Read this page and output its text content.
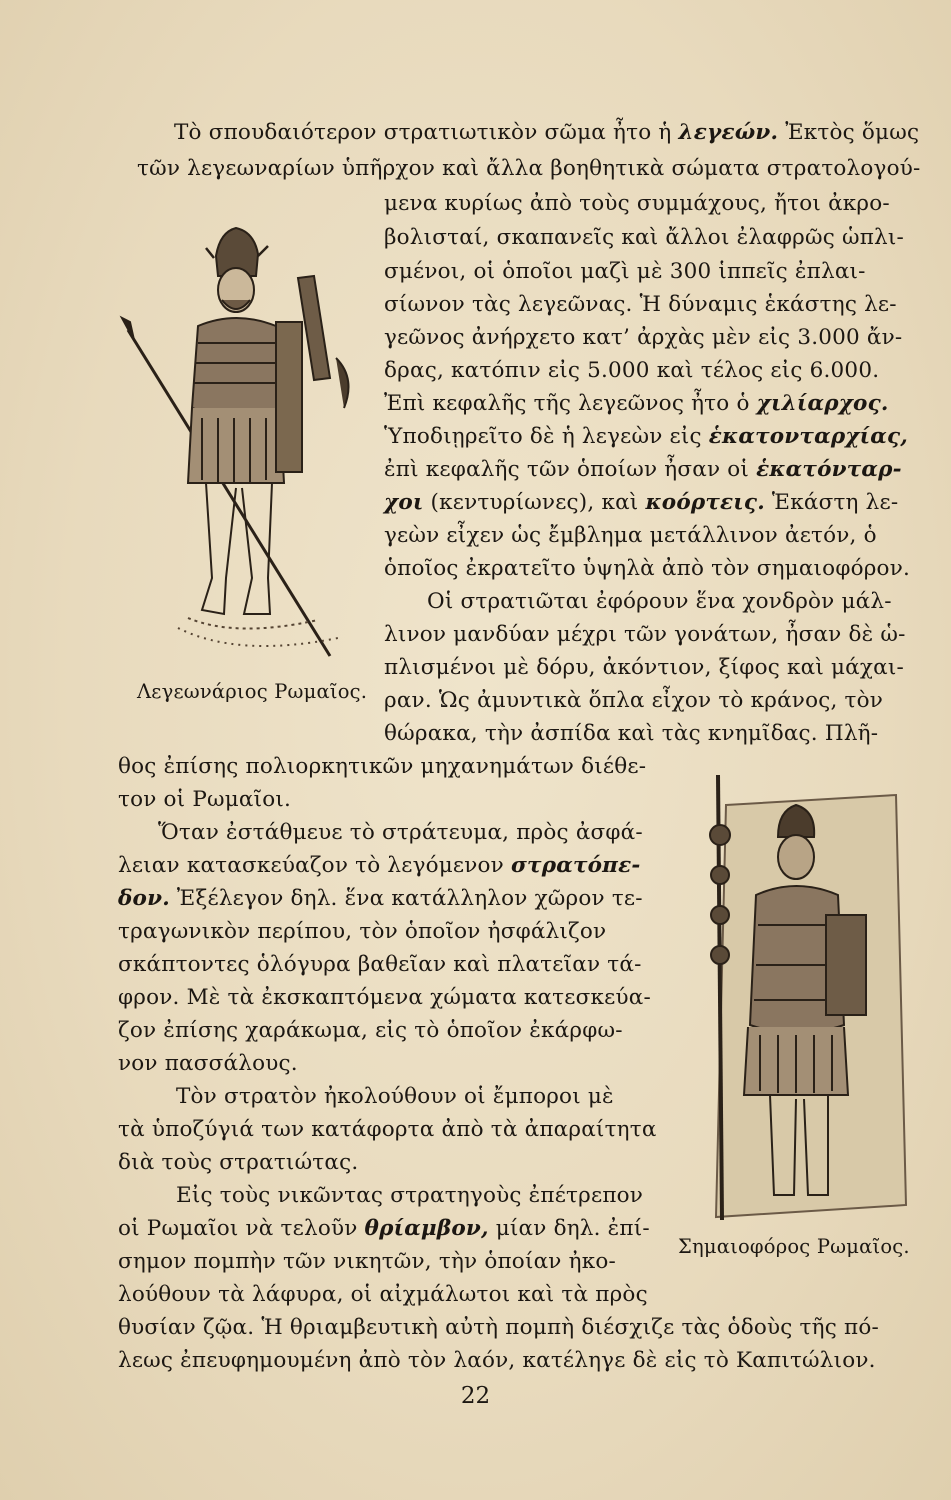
Τὸ σπουδαιότερον στρατιωτικὸν σῶμα ἦτο ἡ λεγεών. Ἐκτὸς ὅμως
τῶν λεγεωναρίων ὑπῆρχον καὶ ἄλλα βοηθητικὰ σώματα στρατολογού-
μενα κυρίως ἀπὸ τοὺς συμμάχους, ἤτοι ἀκρο-
βολισταί, σκαπανεῖς καὶ ἄλλοι ἐλαφρῶς ὡπλι-
σμένοι, οἱ ὁποῖοι μαζὶ μὲ 300 ἱππεῖς ἐπλαι-
σίωνον τὰς λεγεῶνας. Ἡ δύναμις ἑκάστης λε-
γεῶνος ἀνήρχετο κατ’ ἀρχὰς μὲν εἰς 3.000 ἄν-
δρας, κατόπιν εἰς 5.000 καὶ τέλος εἰς 6.000.
Ἐπὶ κεφαλῆς τῆς λεγεῶνος ἦτο ὁ χιλίαρχος.
Ὑποδιῃρεῖτο δὲ ἡ λεγεὼν εἰς ἑκατονταρχίας,
ἐπὶ κεφαλῆς τῶν ὁποίων ἦσαν οἱ ἑκατόνταρ-
χοι (κεντυρίωνες), καὶ κοόρτεις. Ἑκάστη λε-
γεὼν εἶχεν ὡς ἔμβλημα μετάλλινον ἀετόν, ὁ
ὁποῖος ἐκρατεῖτο ὑψηλὰ ἀπὸ τὸν σημαιοφόρον.
Οἱ στρατιῶται ἐφόρουν ἕνα χονδρὸν μάλ-
λινον μανδύαν μέχρι τῶν γονάτων, ἦσαν δὲ ὡ-
πλισμένοι μὲ δόρυ, ἀκόντιον, ξίφος καὶ μάχαι-
ραν. Ὡς ἀμυντικὰ ὅπλα εἶχον τὸ κράνος, τὸν
θώρακα, τὴν ἀσπίδα καὶ τὰς κνημῖδας. Πλῆ-
θος ἐπίσης πολιορκητικῶν μηχανημάτων διέθε-
τον οἱ Ρωμαῖοι.
Ὅταν ἐστάθμευε τὸ στράτευμα, πρὸς ἀσφά-
λειαν κατασκεύαζον τὸ λεγόμενον στρατόπε-
δον. Ἐξέλεγον δηλ. ἕνα κατάλληλον χῶρον τε-
τραγωνικὸν περίπου, τὸν ὁποῖον ἠσφάλιζον
σκάπτοντες ὁλόγυρα βαθεῖαν καὶ πλατεῖαν τά-
φρον. Μὲ τὰ ἐκσκαπτόμενα χώματα κατεσκεύα-
ζον ἐπίσης χαράκωμα, εἰς τὸ ὁποῖον ἐκάρφω-
νον πασσάλους.
Τὸν στρατὸν ἠκολούθουν οἱ ἔμποροι μὲ
τὰ ὑποζύγιά των κατάφορτα ἀπὸ τὰ ἀπαραίτητα
διὰ τοὺς στρατιώτας.
Εἰς τοὺς νικῶντας στρατηγοὺς ἐπέτρεπον
οἱ Ρωμαῖοι νὰ τελοῦν θρίαμβον, μίαν δηλ. ἐπί-
σημον πομπὴν τῶν νικητῶν, τὴν ὁποίαν ἠκο-
λούθουν τὰ λάφυρα, οἱ αἰχμάλωτοι καὶ τὰ πρὸς
θυσίαν ζῷα. Ἡ θριαμβευτικὴ αὐτὴ πομπὴ διέσχιζε τὰς ὁδοὺς τῆς πό-
λεως ἐπευφημουμένη ἀπὸ τὸν λαόν, κατέληγε δὲ εἰς τὸ Καπιτώλιον.
Λεγεωνάριος Ρωμαῖος.
Σημαιοφόρος Ρωμαῖος.
22
